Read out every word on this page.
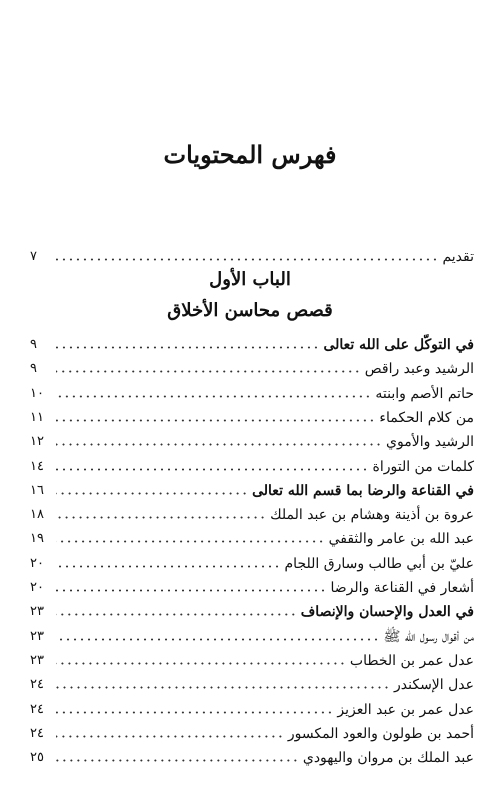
فهرس المحتويات
تقديم
٧
الباب الأول
قصص محاسن الأخلاق
في التوكّل على الله تعالى
٩
الرشيد وعبد راقص
٩
حاتم الأصم وابنته
١٠
من كلام الحكماء
١١
الرشيد والأموي
١٢
كلمات من التوراة
١٤
في القناعة والرضا بما قسم الله تعالى
١٦
عروة بن أذينة وهشام بن عبد الملك
١٨
عبد الله بن عامر والثقفي
١٩
عليّ بن أبي طالب وسارق اللجام
٢٠
أشعار في القناعة والرضا
٢٠
في العدل والإحسان والإنصاف
٢٣
من أقوال رسول الله ﷺ
٢٣
عدل عمر بن الخطاب
٢٣
عدل الإسكندر
٢٤
عدل عمر بن عبد العزيز
٢٤
أحمد بن طولون والعود المكسور
٢٤
عبد الملك بن مروان واليهودي
٢٥
